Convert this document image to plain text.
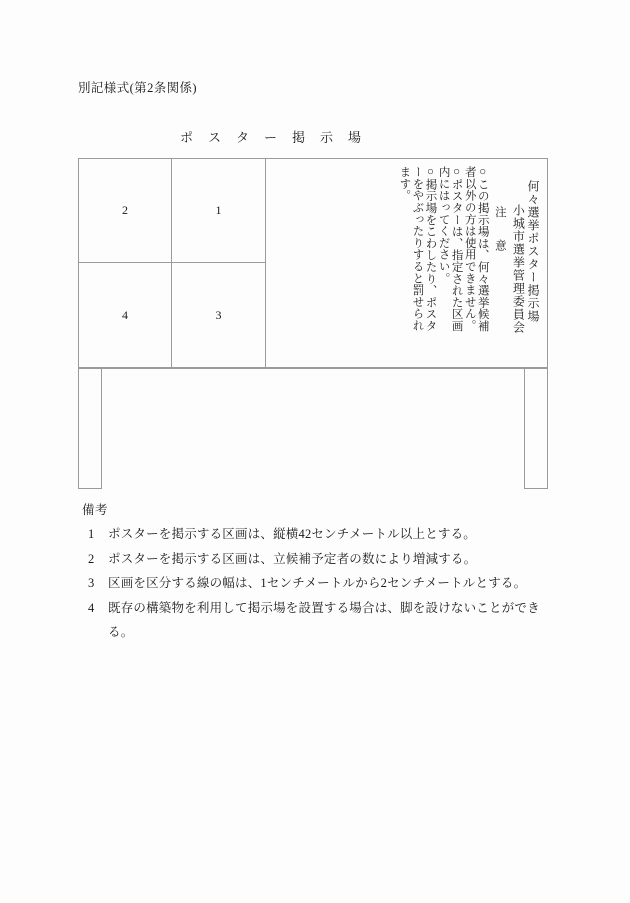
別記様式(第2条関係)
ポスター掲示場
2	1
4	3	何々選挙ポスター掲示場
小城市選挙管理委員会
注意
○この掲示場は、何々選挙候補
者以外の方は使用できません。
○ポスターは、指定された区画
内にはってください。
○掲示場をこわしたり、ポスタ
ーをやぶったりすると罰せられ
ます。
備考
1	ポスターを掲示する区画は、縦横42センチメートル以上とする。
2	ポスターを掲示する区画は、立候補予定者の数により増減する。
3	区画を区分する線の幅は、1センチメートルから2センチメートルとする。
4	既存の構築物を利用して掲示場を設置する場合は、脚を設けないことができる。
